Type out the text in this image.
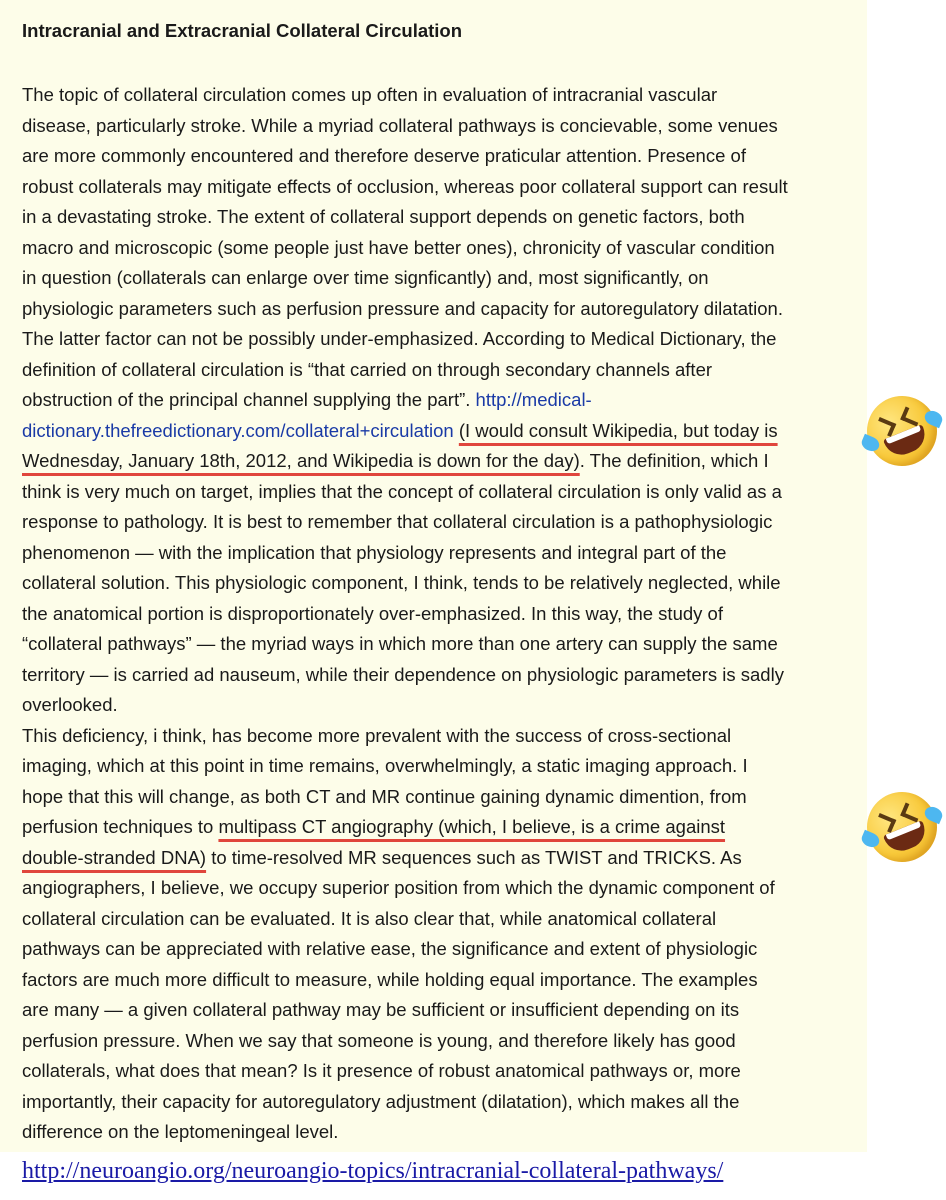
Intracranial and Extracranial Collateral Circulation

The topic of collateral circulation comes up often in evaluation of intracranial vascular
disease, particularly stroke. While a myriad collateral pathways is concievable, some venues
are more commonly encountered and therefore deserve praticular attention. Presence of
robust collaterals may mitigate effects of occlusion, whereas poor collateral support can result
in a devastating stroke. The extent of collateral support depends on genetic factors, both
macro and microscopic (some people just have better ones), chronicity of vascular condition
in question (collaterals can enlarge over time signficantly) and, most significantly, on
physiologic parameters such as perfusion pressure and capacity for autoregulatory dilatation.
The latter factor can not be possibly under-emphasized. According to Medical Dictionary, the
definition of collateral circulation is “that carried on through secondary channels after
obstruction of the principal channel supplying the part”. http://medical-
dictionary.thefreedictionary.com/collateral+circulation (I would consult Wikipedia, but today is
Wednesday, January 18th, 2012, and Wikipedia is down for the day). The definition, which I
think is very much on target, implies that the concept of collateral circulation is only valid as a
response to pathology. It is best to remember that collateral circulation is a pathophysiologic
phenomenon — with the implication that physiology represents and integral part of the
collateral solution. This physiologic component, I think, tends to be relatively neglected, while
the anatomical portion is disproportionately over-emphasized. In this way, the study of
“collateral pathways” — the myriad ways in which more than one artery can supply the same
territory — is carried ad nauseum, while their dependence on physiologic parameters is sadly
overlooked.

This deficiency, i think, has become more prevalent with the success of cross-sectional
imaging, which at this point in time remains, overwhelmingly, a static imaging approach. I
hope that this will change, as both CT and MR continue gaining dynamic dimention, from
perfusion techniques to multipass CT angiography (which, I believe, is a crime against
double-stranded DNA) to time-resolved MR sequences such as TWIST and TRICKS. As
angiographers, I believe, we occupy superior position from which the dynamic component of
collateral circulation can be evaluated. It is also clear that, while anatomical collateral
pathways can be appreciated with relative ease, the significance and extent of physiologic
factors are much more difficult to measure, while holding equal importance. The examples
are many — a given collateral pathway may be sufficient or insufficient depending on its
perfusion pressure. When we say that someone is young, and therefore likely has good
collaterals, what does that mean? Is it presence of robust anatomical pathways or, more
importantly, their capacity for autoregulatory adjustment (dilatation), which makes all the
difference on the leptomeningeal level.

http://neuroangio.org/neuroangio-topics/intracranial-collateral-pathways/
